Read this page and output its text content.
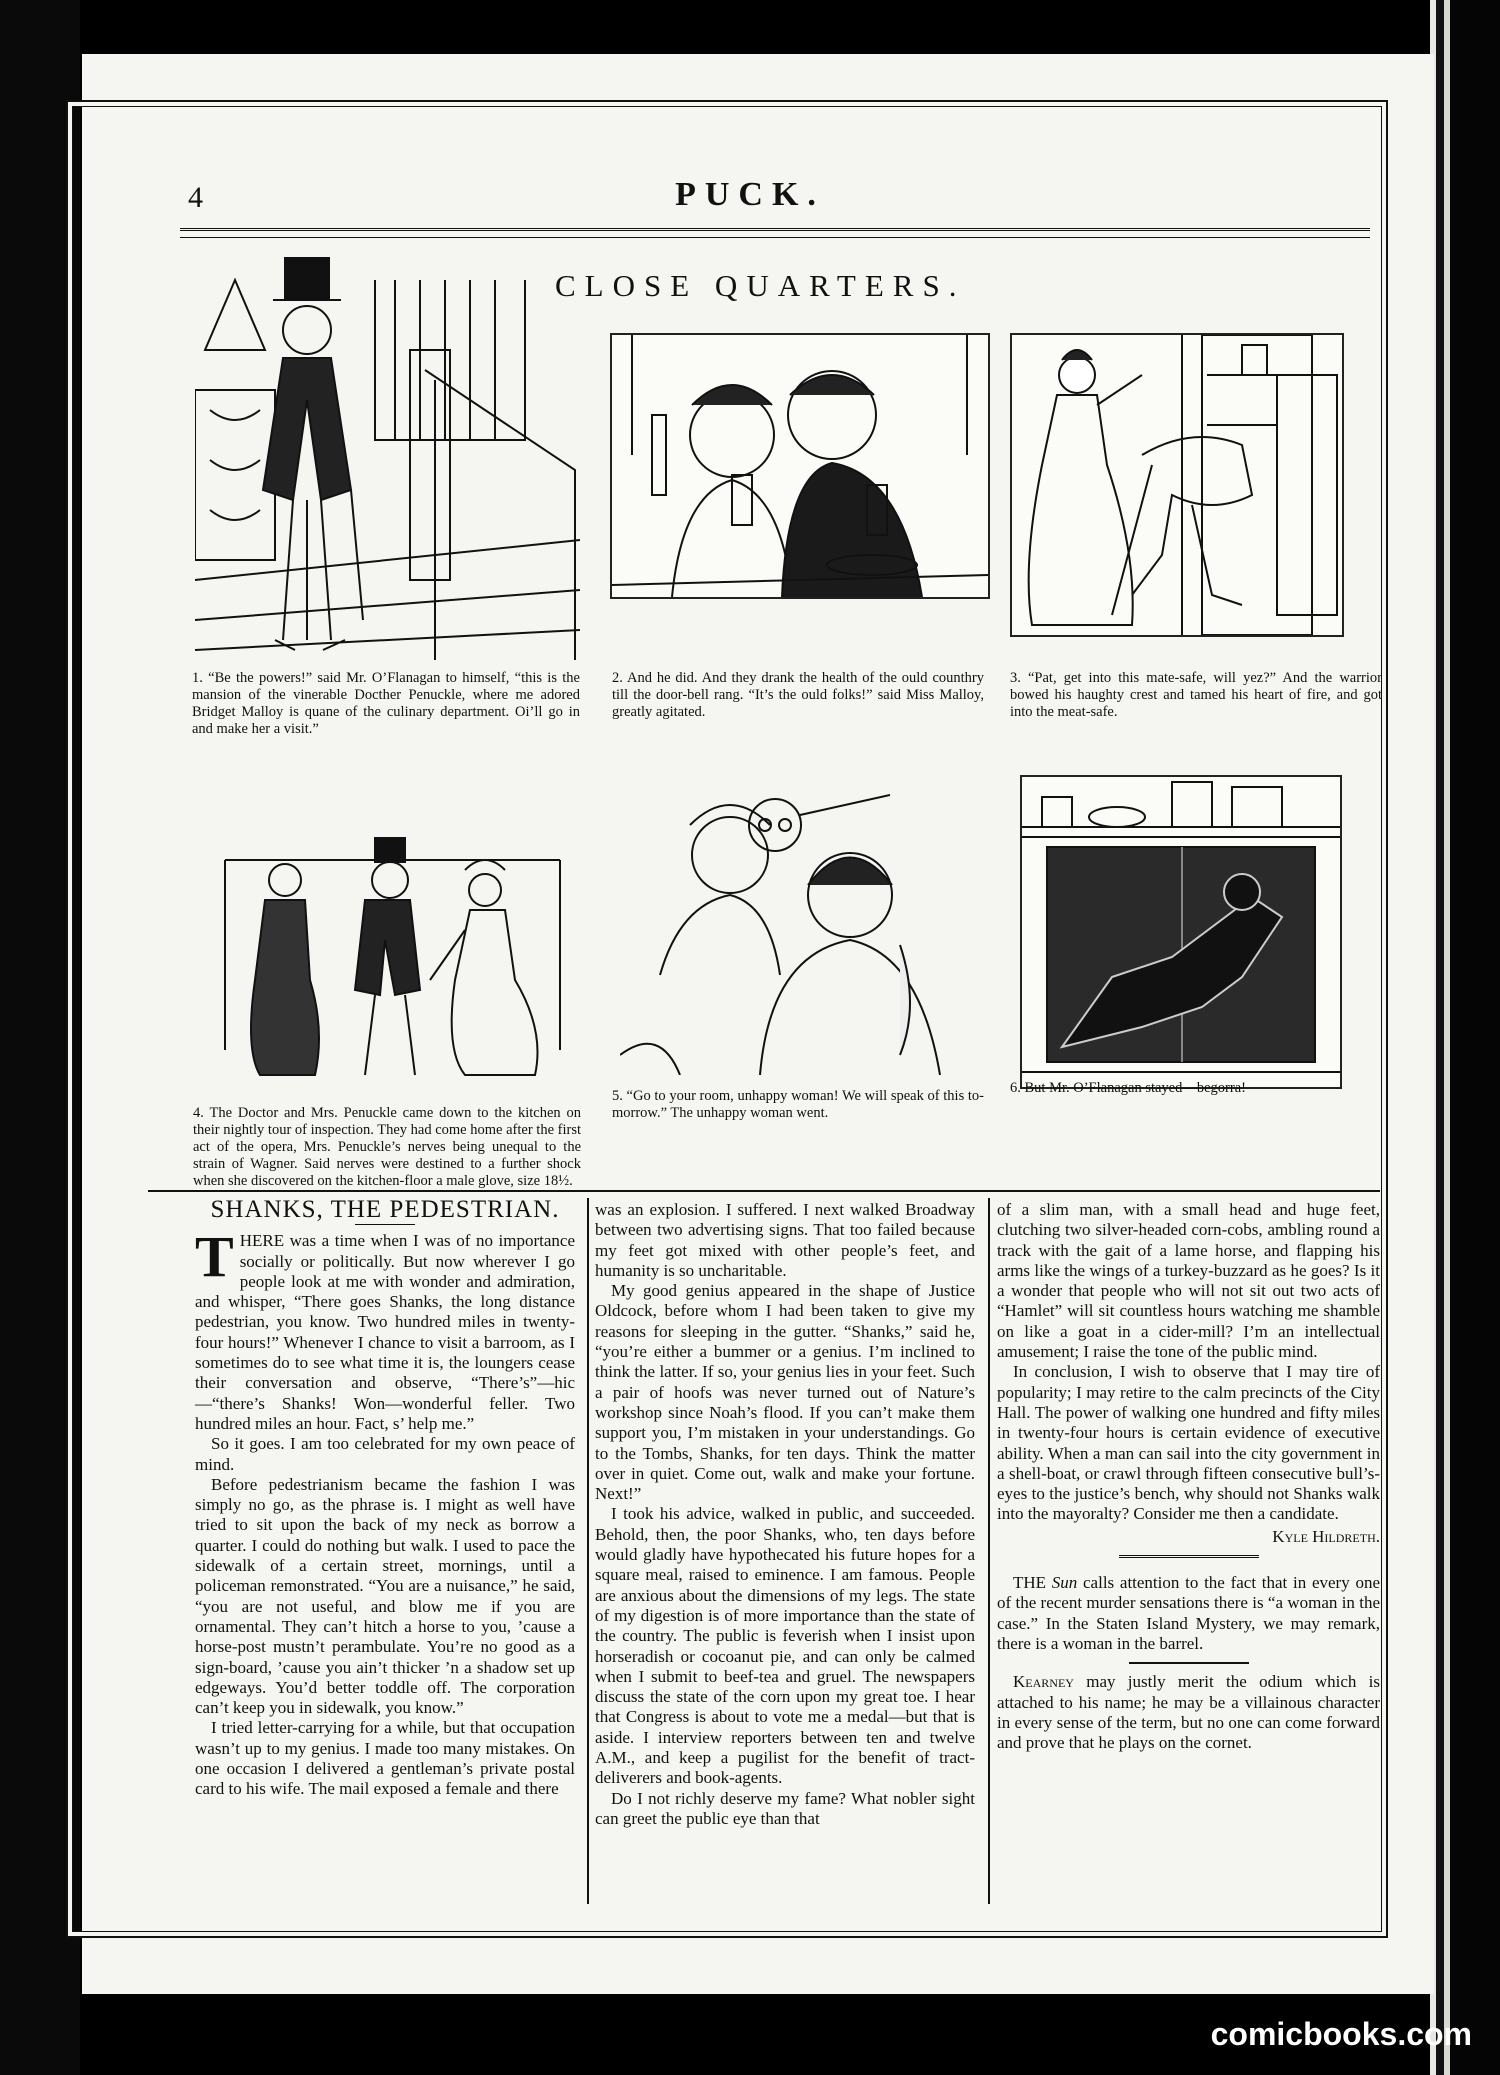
4	PUCK.
CLOSE QUARTERS.
1. “Be the powers!” said Mr. O’Flanagan to himself, “this is the mansion of the vinerable Docther Penuckle, where me adored Bridget Malloy is quane of the culinary department. Oi’ll go in and make her a visit.”
2. And he did. And they drank the health of the ould counthry till the door-bell rang. “It’s the ould folks!” said Miss Malloy, greatly agitated.
3. “Pat, get into this mate-safe, will yez?” And the warrior bowed his haughty crest and tamed his heart of fire, and got into the meat-safe.
4. The Doctor and Mrs. Penuckle came down to the kitchen on their nightly tour of inspection. They had come home after the first act of the opera, Mrs. Penuckle’s nerves being unequal to the strain of Wagner. Said nerves were destined to a further shock when she discovered on the kitchen-floor a male glove, size 18½.
5. “Go to your room, unhappy woman! We will speak of this to-morrow.” The unhappy woman went.
6. But Mr. O’Flanagan stayed—begorra!
SHANKS, THE PEDESTRIAN.

THERE was a time when I was of no importance socially or politically. But now wherever I go people look at me with wonder and admiration, and whisper, “There goes Shanks, the long distance pedestrian, you know. Two hundred miles in twenty-four hours!” Whenever I chance to visit a barroom, as I sometimes do to see what time it is, the loungers cease their conversation and observe, “There’s”—hic—“there’s Shanks! Won—wonderful feller. Two hundred miles an hour. Fact, s’ help me.”

So it goes. I am too celebrated for my own peace of mind.

Before pedestrianism became the fashion I was simply no go, as the phrase is. I might as well have tried to sit upon the back of my neck as borrow a quarter. I could do nothing but walk. I used to pace the sidewalk of a certain street, mornings, until a policeman remonstrated. “You are a nuisance,” he said, “you are not useful, and blow me if you are ornamental. They can’t hitch a horse to you, ’cause a horse-post mustn’t perambulate. You’re no good as a sign-board, ’cause you ain’t thicker ’n a shadow set up edgeways. You’d better toddle off. The corporation can’t keep you in sidewalk, you know.”

I tried letter-carrying for a while, but that occupation wasn’t up to my genius. I made too many mistakes. On one occasion I delivered a gentleman’s private postal card to his wife. The mail exposed a female and there

was an explosion. I suffered. I next walked Broadway between two advertising signs. That too failed because my feet got mixed with other people’s feet, and humanity is so uncharitable.

My good genius appeared in the shape of Justice Oldcock, before whom I had been taken to give my reasons for sleeping in the gutter. “Shanks,” said he, “you’re either a bummer or a genius. I’m inclined to think the latter. If so, your genius lies in your feet. Such a pair of hoofs was never turned out of Nature’s workshop since Noah’s flood. If you can’t make them support you, I’m mistaken in your understandings. Go to the Tombs, Shanks, for ten days. Think the matter over in quiet. Come out, walk and make your fortune. Next!”

I took his advice, walked in public, and succeeded. Behold, then, the poor Shanks, who, ten days before would gladly have hypothecated his future hopes for a square meal, raised to eminence. I am famous. People are anxious about the dimensions of my legs. The state of my digestion is of more importance than the state of the country. The public is feverish when I insist upon horseradish or cocoanut pie, and can only be calmed when I submit to beef-tea and gruel. The newspapers discuss the state of the corn upon my great toe. I hear that Congress is about to vote me a medal—but that is aside. I interview reporters between ten and twelve A.M., and keep a pugilist for the benefit of tract-deliverers and book-agents.

Do I not richly deserve my fame? What nobler sight can greet the public eye than that

of a slim man, with a small head and huge feet, clutching two silver-headed corn-cobs, ambling round a track with the gait of a lame horse, and flapping his arms like the wings of a turkey-buzzard as he goes? Is it a wonder that people who will not sit out two acts of “Hamlet” will sit countless hours watching me shamble on like a goat in a cider-mill? I’m an intellectual amusement; I raise the tone of the public mind.

In conclusion, I wish to observe that I may tire of popularity; I may retire to the calm precincts of the City Hall. The power of walking one hundred and fifty miles in twenty-four hours is certain evidence of executive ability. When a man can sail into the city government in a shell-boat, or crawl through fifteen consecutive bull’s-eyes to the justice’s bench, why should not Shanks walk into the mayoralty? Consider me then a candidate.

Kyle Hildreth.

THE Sun calls attention to the fact that in every one of the recent murder sensations there is “a woman in the case.” In the Staten Island Mystery, we may remark, there is a woman in the barrel.

Kearney may justly merit the odium which is attached to his name; he may be a villainous character in every sense of the term, but no one can come forward and prove that he plays on the cornet.

comicbooks.com
